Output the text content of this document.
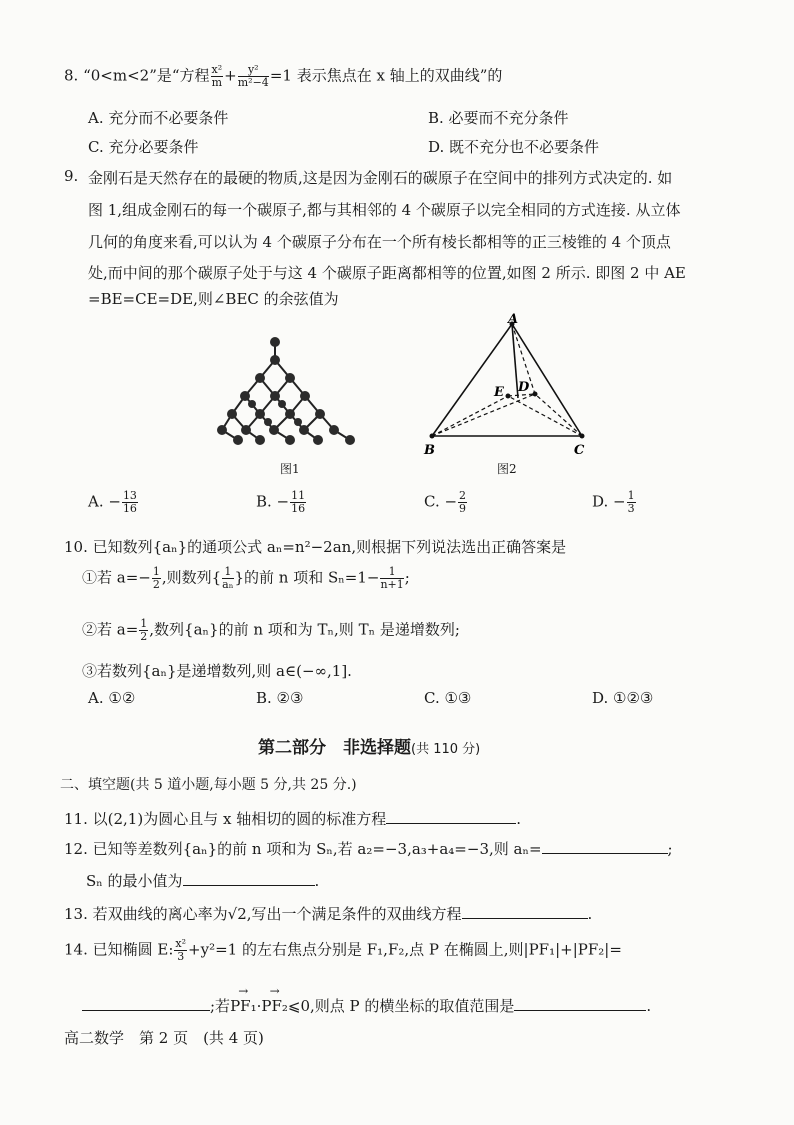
8. “0<m<2”是“方程 $\frac{\text{x²}}{m} + \frac{\text{y²}}{\text{m²−4}} =1$ 表示焦点在 x 轴上的双曲线”的
A. 充分而不必要条件	B. 必要而不充分条件
C. 充分必要条件	D. 既不充分也不必要条件
9. 金刚石是天然存在的最硬的物质,这是因为金刚石的碳原子在空间中的排列方式决定的. 如
图 1,组成金刚石的每一个碳原子,都与其相邻的 4 个碳原子以完全相同的方式连接. 从立体
几何的角度来看,可以认为 4 个碳原子分布在一个所有棱长都相等的正三棱锥的 4 个顶点
处,而中间的那个碳原子处于与这 4 个碳原子距离都相等的位置,如图 2 所示. 即图 2 中 AE
=BE=CE=DE,则∠BEC 的余弦值为
图1
A
B	C
D
E
图2
A. − $\frac{13}{16}$	B. − $\frac{11}{16}$	C. − $\frac{2}{9}$	D. − $\frac{1}{3}$
10. 已知数列{aₙ}的通项公式 aₙ=n²−2an,则根据下列说法选出正确答案是
①若 $a=- \frac{1}{2}$ ,则数列{ $\frac{1}{\text{aₙ}}$ }的前 n 项和 $S_n=1- \frac{1}{n+1}$ ;
②若 $a= \frac{1}{2}$ ,数列{aₙ}的前 n 项和为 Tₙ,则 Tₙ 是递增数列;
③若数列{aₙ}是递增数列,则 a∈(−∞,1].
A. ①②	B. ②③	C. ①③	D. ①②③
第二部分　非选择题(共 110 分)
二、填空题(共 5 道小题,每小题 5 分,共 25 分.)
11. 以(2,1)为圆心且与 x 轴相切的圆的标准方程	.
12. 已知等差数列{aₙ}的前 n 项和为 Sₙ,若 a₂=−3,a₃+a₄=−3,则 aₙ=	;
Sₙ 的最小值为	.
13. 若双曲线的离心率为√2,写出一个满足条件的双曲线方程	.
14. 已知椭圆 E: $\frac{\text{x²}}{3} +y^2=1$ 的左右焦点分别是 F₁,F₂,点 P 在椭圆上,则|PF₁|+|PF₂|=
;若→ PF₁·→ PF₂⩽0,则点 P 的横坐标的取值范围是	.
高二数学　第 2 页　(共 4 页)
